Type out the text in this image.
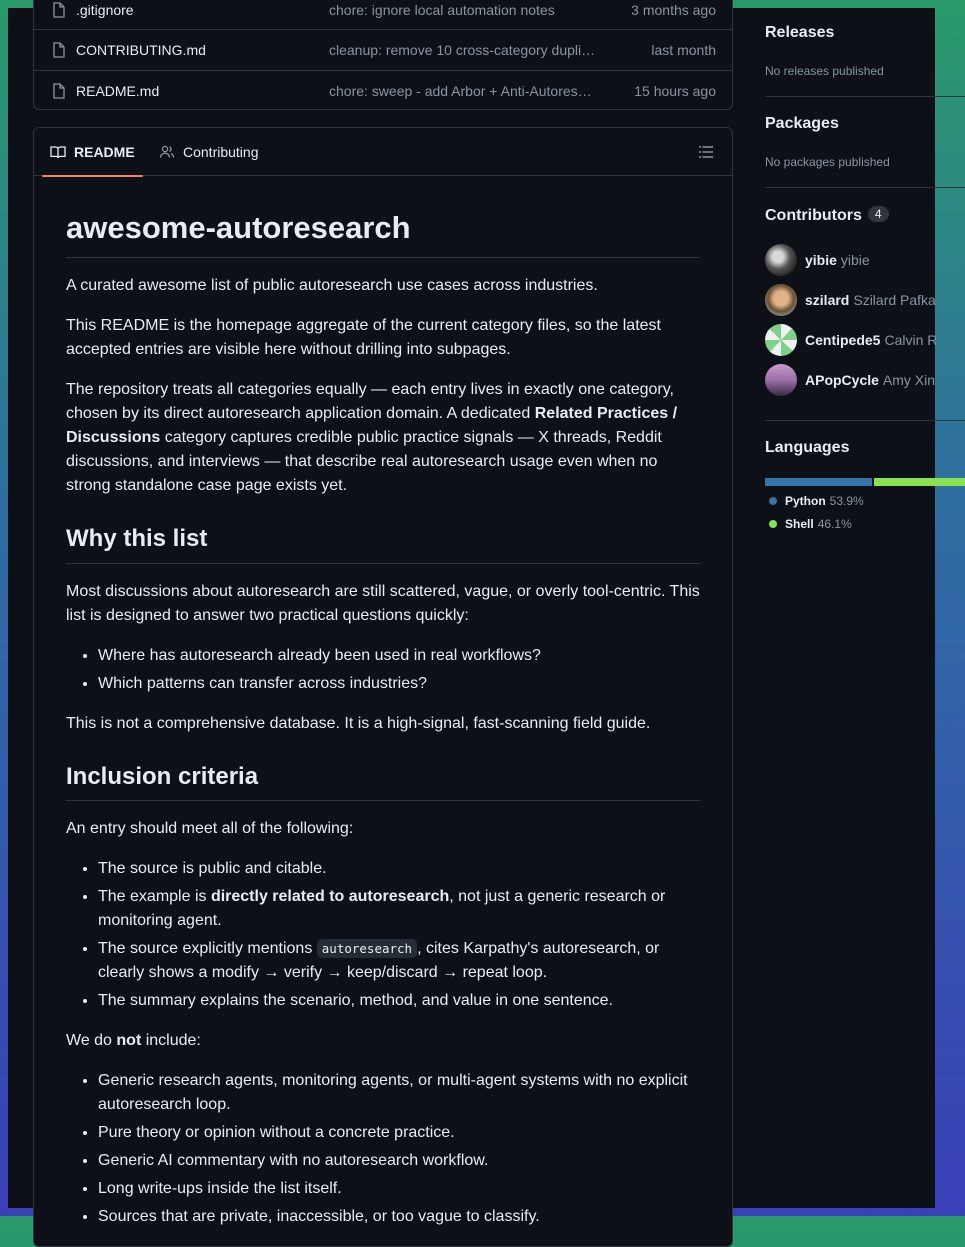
.gitignore	chore: ignore local automation notes	3 months ago
CONTRIBUTING.md	cleanup: remove 10 cross-category dupli…	last month
README.md	chore: sweep - add Arbor + Anti-Autores…	15 hours ago
README	Contributing
awesome-autoresearch

A curated awesome list of public autoresearch use cases across industries.

This README is the homepage aggregate of the current category files, so the latest accepted entries are visible here without drilling into subpages.

The repository treats all categories equally — each entry lives in exactly one category, chosen by its direct autoresearch application domain. A dedicated Related Practices / Discussions category captures credible public practice signals — X threads, Reddit discussions, and interviews — that describe real autoresearch usage even when no strong standalone case page exists yet.

Why this list

Most discussions about autoresearch are still scattered, vague, or overly tool-centric. This list is designed to answer two practical questions quickly:

• Where has autoresearch already been used in real workflows?
• Which patterns can transfer across industries?

This is not a comprehensive database. It is a high-signal, fast-scanning field guide.

Inclusion criteria

An entry should meet all of the following:

• The source is public and citable.
• The example is directly related to autoresearch, not just a generic research or monitoring agent.
• The source explicitly mentions autoresearch , cites Karpathy's autoresearch, or clearly shows a modify → verify → keep/discard → repeat loop.
• The summary explains the scenario, method, and value in one sentence.

We do not include:

• Generic research agents, monitoring agents, or multi-agent systems with no explicit autoresearch loop.
• Pure theory or opinion without a concrete practice.
• Generic AI commentary with no autoresearch workflow.
• Long write-ups inside the list itself.
• Sources that are private, inaccessible, or too vague to classify.
Releases
No releases published
Packages
No packages published
Contributors 4
yibie yibie
szilard Szilard Pafka
Centipede5 Calvin R
APopCycle Amy Xin
Languages
Python 53.9%
Shell 46.1%
